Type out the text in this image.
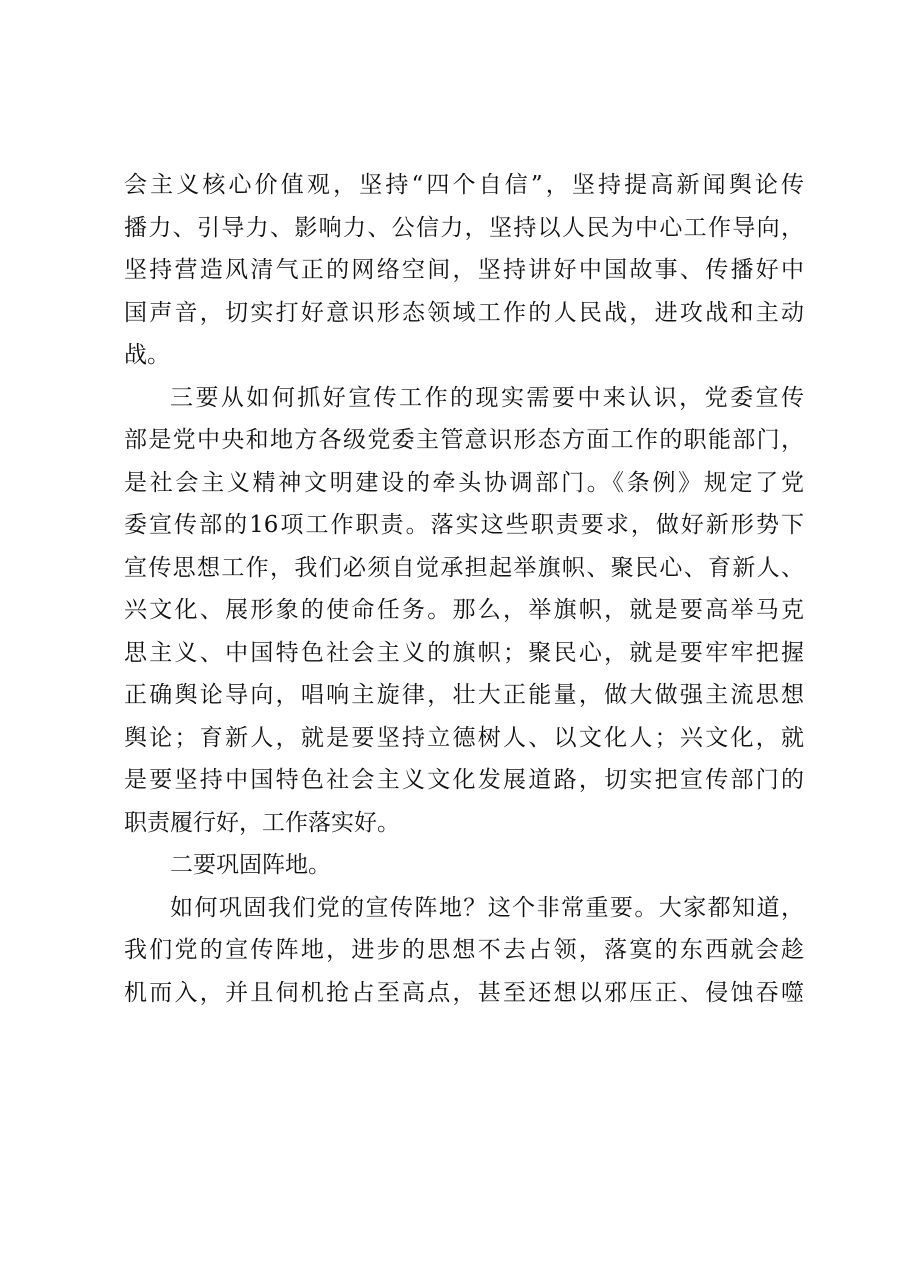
会主义核心价值观，坚持“四个自信”，坚持提高新闻舆论传
播力、引导力、影响力、公信力，坚持以人民为中心工作导向，
坚持营造风清气正的网络空间，坚持讲好中国故事、传播好中
国声音，切实打好意识形态领域工作的人民战，进攻战和主动
战。
三要从如何抓好宣传工作的现实需要中来认识，党委宣传
部是党中央和地方各级党委主管意识形态方面工作的职能部门，
是社会主义精神文明建设的牵头协调部门。《条例》规定了党
委宣传部的16项工作职责。落实这些职责要求，做好新形势下
宣传思想工作，我们必须自觉承担起举旗帜、聚民心、育新人、
兴文化、展形象的使命任务。那么，举旗帜，就是要高举马克
思主义、中国特色社会主义的旗帜；聚民心，就是要牢牢把握
正确舆论导向，唱响主旋律，壮大正能量，做大做强主流思想
舆论；育新人，就是要坚持立德树人、以文化人；兴文化，就
是要坚持中国特色社会主义文化发展道路，切实把宣传部门的
职责履行好，工作落实好。
二要巩固阵地。
如何巩固我们党的宣传阵地？这个非常重要。大家都知道，
我们党的宣传阵地，进步的思想不去占领，落寞的东西就会趁
机而入，并且伺机抢占至高点，甚至还想以邪压正、侵蚀吞噬
